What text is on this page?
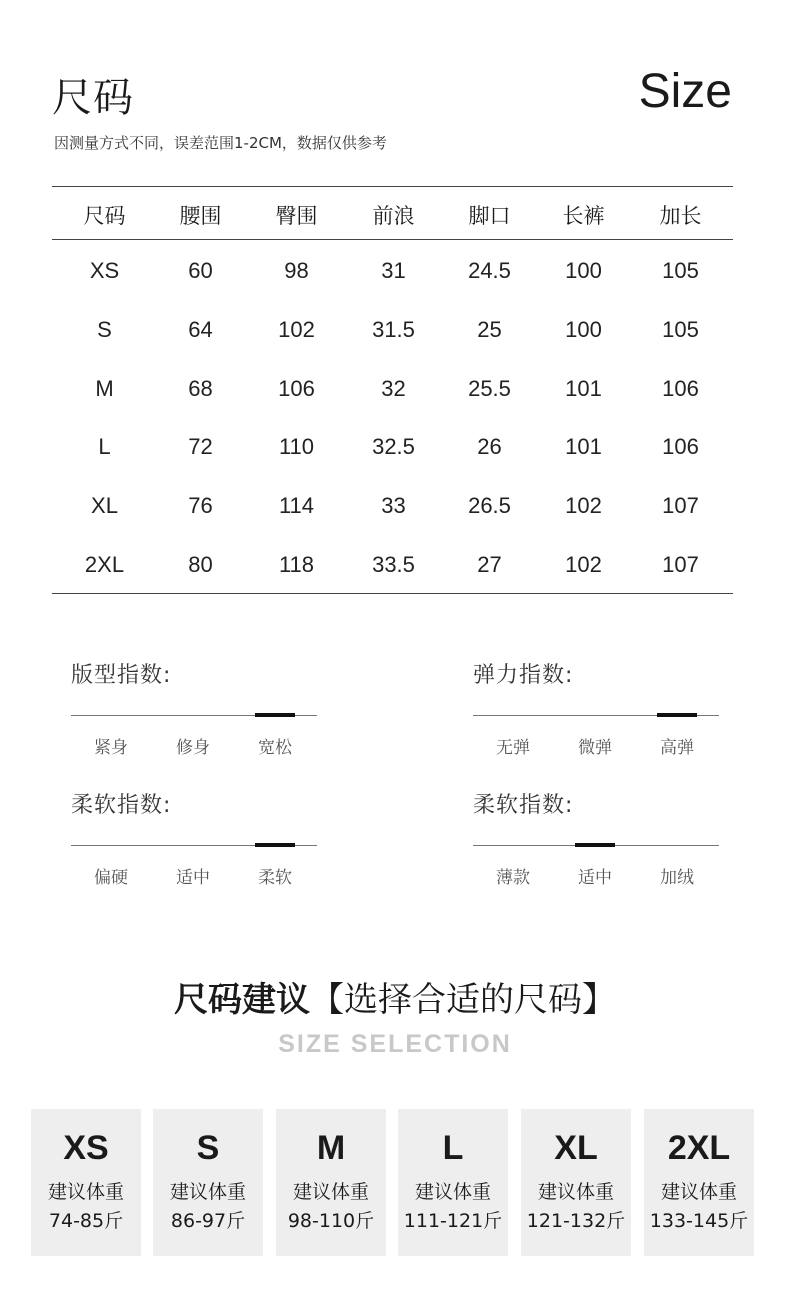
尺码	Size
因测量方式不同，误差范围1-2CM，数据仅供参考
尺码	腰围	臀围	前浪	脚口	长裤	加长
XS	60	98	31	24.5	100	105
S	64	102	31.5	25	100	105
M	68	106	32	25.5	101	106
L	72	110	32.5	26	101	106
XL	76	114	33	26.5	102	107
2XL	80	118	33.5	27	102	107
版型指数:
紧身	修身	宽松
弹力指数:
无弹	微弹	高弹
柔软指数:
偏硬	适中	柔软
柔软指数:
薄款	适中	加绒
尺码建议【选择合适的尺码】
SIZE SELECTION
XS
建议体重
74-85斤
S
建议体重
86-97斤
M
建议体重
98-110斤
L
建议体重
111-121斤
XL
建议体重
121-132斤
2XL
建议体重
133-145斤
